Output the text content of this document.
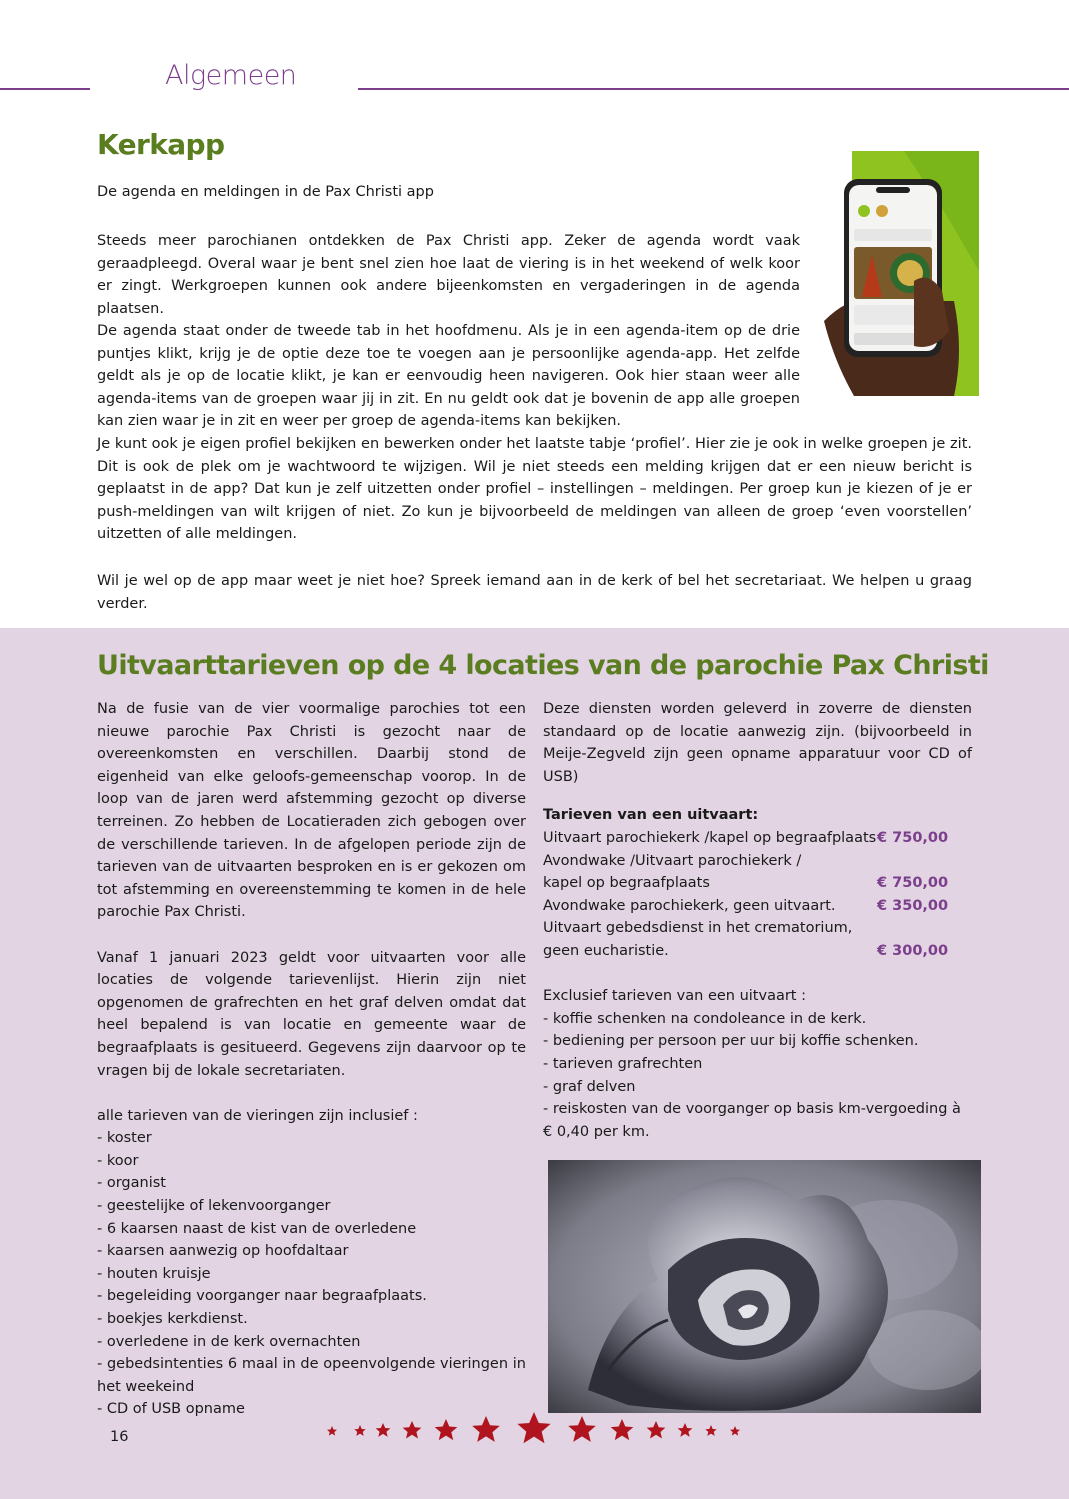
Algemeen
Kerkapp
De agenda en meldingen in de Pax Christi app

Steeds meer parochianen ontdekken de Pax Christi app. Zeker de agenda wordt vaak geraadpleegd. Overal waar je bent snel zien hoe laat de viering is in het weekend of welk koor er zingt. Werkgroepen kunnen ook andere bijeenkomsten en vergaderingen in de agenda plaatsen.

De agenda staat onder de tweede tab in het hoofdmenu. Als je in een agenda-item op de drie puntjes klikt, krijg je de optie deze toe te voegen aan je persoonlijke agenda-app. Het zelfde geldt als je op de locatie klikt, je kan er eenvoudig heen navigeren. Ook hier staan weer alle agenda-items van de groepen waar jij in zit. En nu geldt ook dat je bovenin de app alle groepen kan zien waar je in zit en weer per groep de agenda-items kan bekijken.

Je kunt ook je eigen profiel bekijken en bewerken onder het laatste tabje ‘profiel’. Hier zie je ook in welke groepen je zit. Dit is ook de plek om je wachtwoord te wijzigen. Wil je niet steeds een melding krijgen dat er een nieuw bericht is geplaatst in de app? Dat kun je zelf uitzetten onder profiel – instellingen – meldingen. Per groep kun je kiezen of je er push-meldingen van wilt krijgen of niet. Zo kun je bijvoorbeeld de meldingen van alleen de groep ‘even voorstellen’ uitzetten of alle meldingen.

Wil je wel op de app maar weet je niet hoe? Spreek iemand aan in de kerk of bel het secretariaat. We helpen u graag verder.

Uitvaarttarieven op de 4 locaties van de parochie Pax Christi

Na de fusie van de vier voormalige parochies tot een nieuwe parochie Pax Christi is gezocht naar de overeenkomsten en verschillen. Daarbij stond de eigenheid van elke geloofs-gemeenschap voorop. In de loop van de jaren werd afstemming gezocht op diverse terreinen. Zo hebben de Locatieraden zich gebogen over de verschillende tarieven. In de afgelopen periode zijn de tarieven van de uitvaarten besproken en is er gekozen om tot afstemming en overeenstemming te komen in de hele parochie Pax Christi.

Vanaf 1 januari 2023 geldt voor uitvaarten voor alle locaties de volgende tarievenlijst. Hierin zijn niet opgenomen de grafrechten en het graf delven omdat dat heel bepalend is van locatie en gemeente waar de begraafplaats is gesitueerd. Gegevens zijn daarvoor op te vragen bij de lokale secretariaten.

alle tarieven van de vieringen zijn inclusief :
- koster
- koor
- organist
- geestelijke of lekenvoorganger
- 6 kaarsen naast de kist van de overledene
- kaarsen aanwezig op hoofdaltaar
- houten kruisje
- begeleiding voorganger naar begraafplaats.
- boekjes kerkdienst.
- overledene in de kerk overnachten
- gebedsintenties 6 maal in de opeenvolgende vieringen in het weekeind
- CD of USB opname

Deze diensten worden geleverd in zoverre de diensten standaard op de locatie aanwezig zijn. (bijvoorbeeld in Meije-Zegveld zijn geen opname apparatuur voor CD of USB)

Tarieven van een uitvaart:
Uitvaart parochiekerk /kapel op begraafplaats € 750,00
Avondwake /Uitvaart parochiekerk /
kapel op begraafplaats	€ 750,00
Avondwake parochiekerk, geen uitvaart.	€ 350,00
Uitvaart gebedsdienst in het crematorium,
geen eucharistie.	€ 300,00
Exclusief tarieven van een uitvaart :
- koffie schenken na condoleance in de kerk.
- bediening per persoon per uur bij koffie schenken.
- tarieven grafrechten
- graf delven
- reiskosten van de voorganger op basis km-vergoeding à
€ 0,40 per km.
16
